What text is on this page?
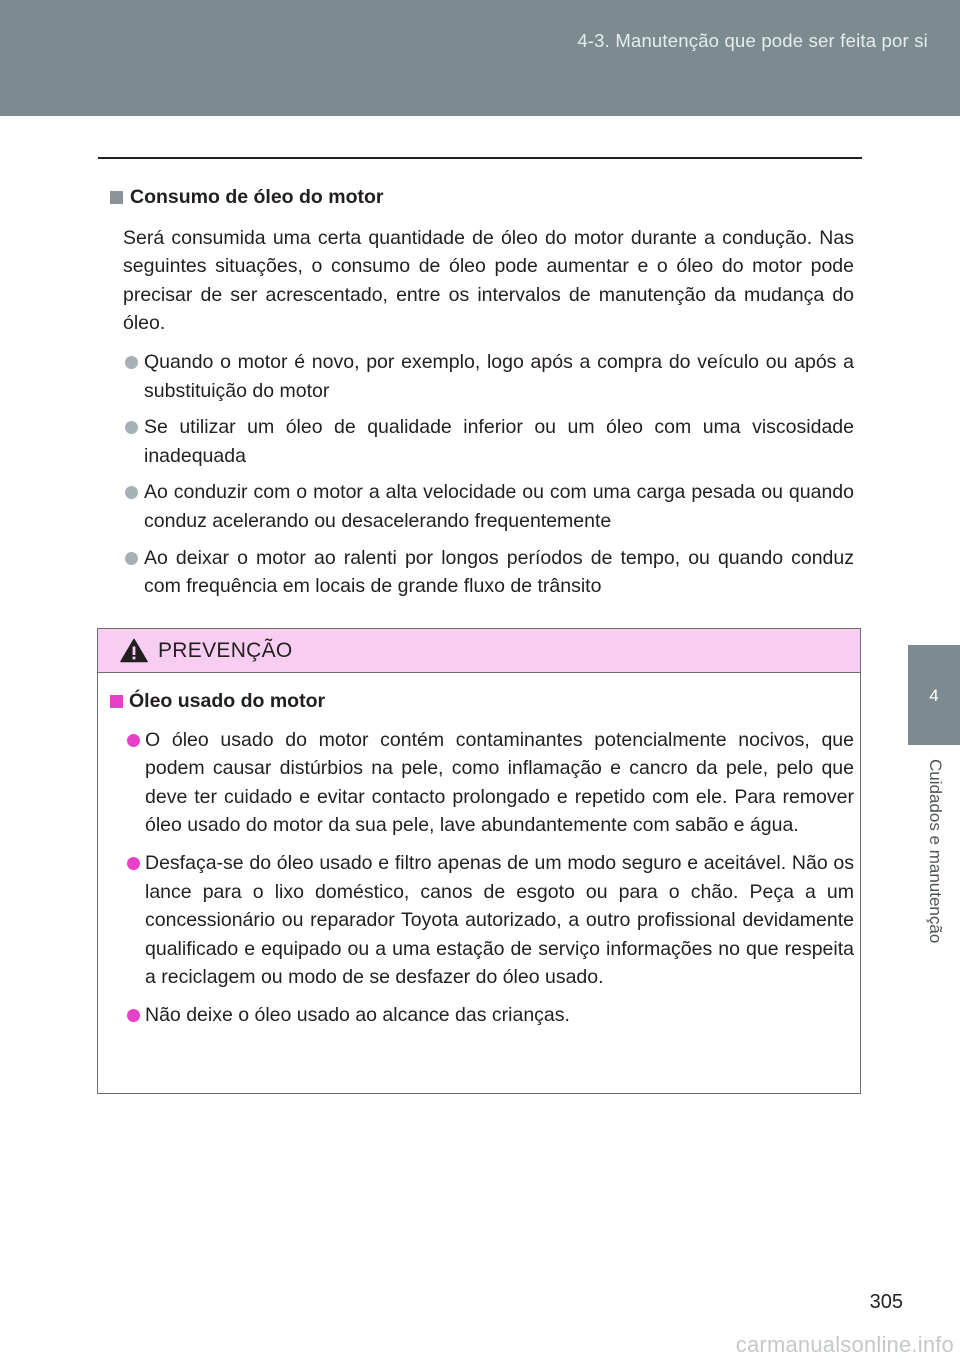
4-3. Manutenção que pode ser feita por si
4
Cuidados e manutenção
Consumo de óleo do motor
Será consumida uma certa quantidade de óleo do motor durante a condução. Nas seguintes situações, o consumo de óleo pode aumentar e o óleo do motor pode precisar de ser acrescentado, entre os intervalos de manutenção da mudança do óleo.
Quando o motor é novo, por exemplo, logo após a compra do veículo ou após a substituição do motor
Se utilizar um óleo de qualidade inferior ou um óleo com uma viscosidade inadequada
Ao conduzir com o motor a alta velocidade ou com uma carga pesada ou quando conduz acelerando ou desacelerando frequentemente
Ao deixar o motor ao ralenti por longos períodos de tempo, ou quando conduz com frequência em locais de grande fluxo de trânsito
PREVENÇÃO
Óleo usado do motor
O óleo usado do motor contém contaminantes potencialmente nocivos, que podem causar distúrbios na pele, como inflamação e cancro da pele, pelo que deve ter cuidado e evitar contacto prolongado e repetido com ele. Para remover óleo usado do motor da sua pele, lave abundantemente com sabão e água.
Desfaça-se do óleo usado e filtro apenas de um modo seguro e aceitável. Não os lance para o lixo doméstico, canos de esgoto ou para o chão. Peça a um concessionário ou reparador Toyota autorizado, a outro profissional devidamente qualificado e equipado ou a uma estação de serviço informações no que respeita a reciclagem ou modo de se desfazer do óleo usado.
Não deixe o óleo usado ao alcance das crianças.
305
carmanualsonline.info
